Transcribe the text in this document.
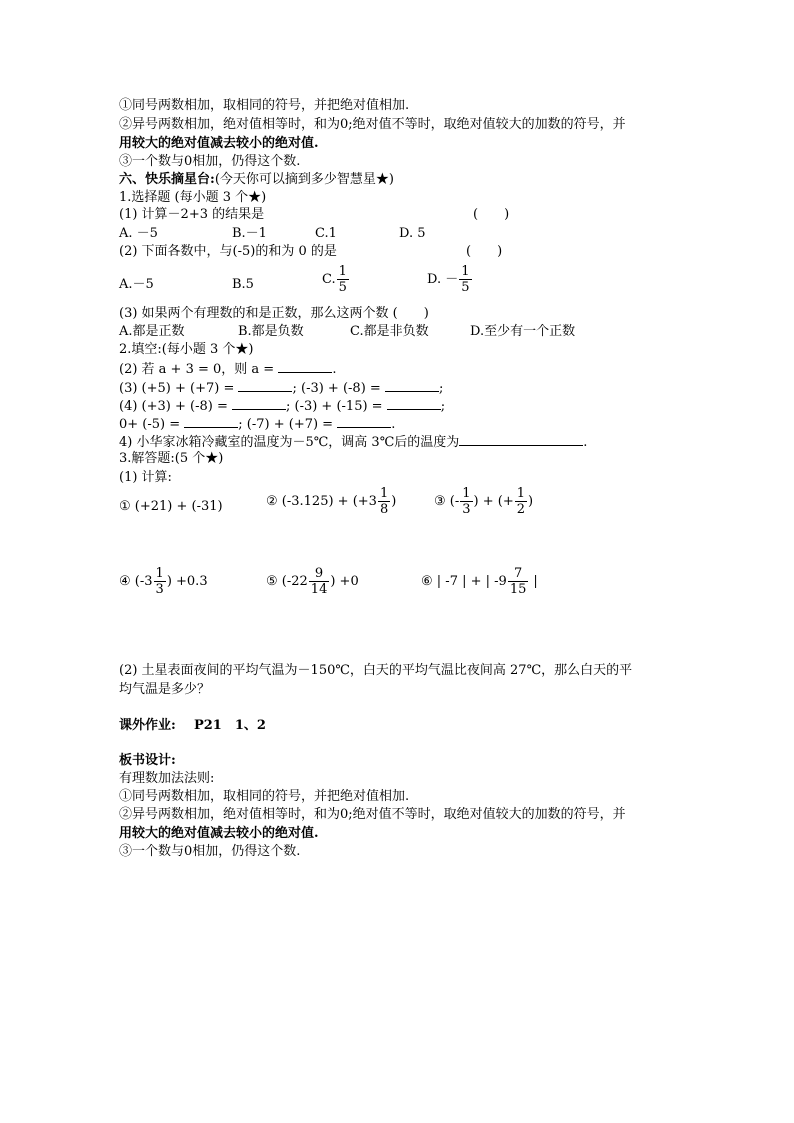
①同号两数相加，取相同的符号，并把绝对值相加.
②异号两数相加，绝对值相等时，和为0;绝对值不等时，取绝对值较大的加数的符号，并
用较大的绝对值减去较小的绝对值.
③一个数与0相加，仍得这个数.
六、快乐摘星台:(今天你可以摘到多少智慧星★)
1.选择题 (每小题 3 个★)
(1) 计算－2+3 的结果是	(　　)
A. －5	B.－1	C.1	D. 5
(2) 下面各数中，与(-5)的和为 0 的是	(　　)
A.－5	B.5	C. $\frac{1}{5}$	D. － $\frac{1}{5}$
(3) 如果两个有理数的和是正数，那么这两个数 (　　)
A.都是正数	B.都是负数	C.都是非负数	D.至少有一个正数
2.填空:(每小题 3 个★)
(2) 若 a + 3 = 0，则 a =	.
(3) (+5) + (+7) =	; (-3) + (-8) =	;
(4) (+3) + (-8) =	; (-3) + (-15) =	;
0+ (-5) =	; (-7) + (+7) =	.
4) 小华家冰箱冷藏室的温度为－5℃，调高 3℃后的温度为	.
3.解答题:(5 个★)
(1) 计算:
① (+21) + (-31)	② $(-3.125) + (+3 \frac{1}{8}$ )	③ (- $\frac{1}{3}$ ) + (+ $\frac{1}{2}$ )
④ ($-3 \frac{1}{3}$ ) +0.3	⑤ ($-22 \frac{9}{14}$ ) +0	⑥ | -7 | + | $-9 \frac{7}{15}$ |
(2) 土星表面夜间的平均气温为－150℃，白天的平均气温比夜间高 27℃，那么白天的平
均气温是多少？
课外作业: P21　1、2
板书设计:
有理数加法法则:
①同号两数相加，取相同的符号，并把绝对值相加.
②异号两数相加，绝对值相等时，和为0;绝对值不等时，取绝对值较大的加数的符号，并
用较大的绝对值减去较小的绝对值.
③一个数与0相加，仍得这个数.
